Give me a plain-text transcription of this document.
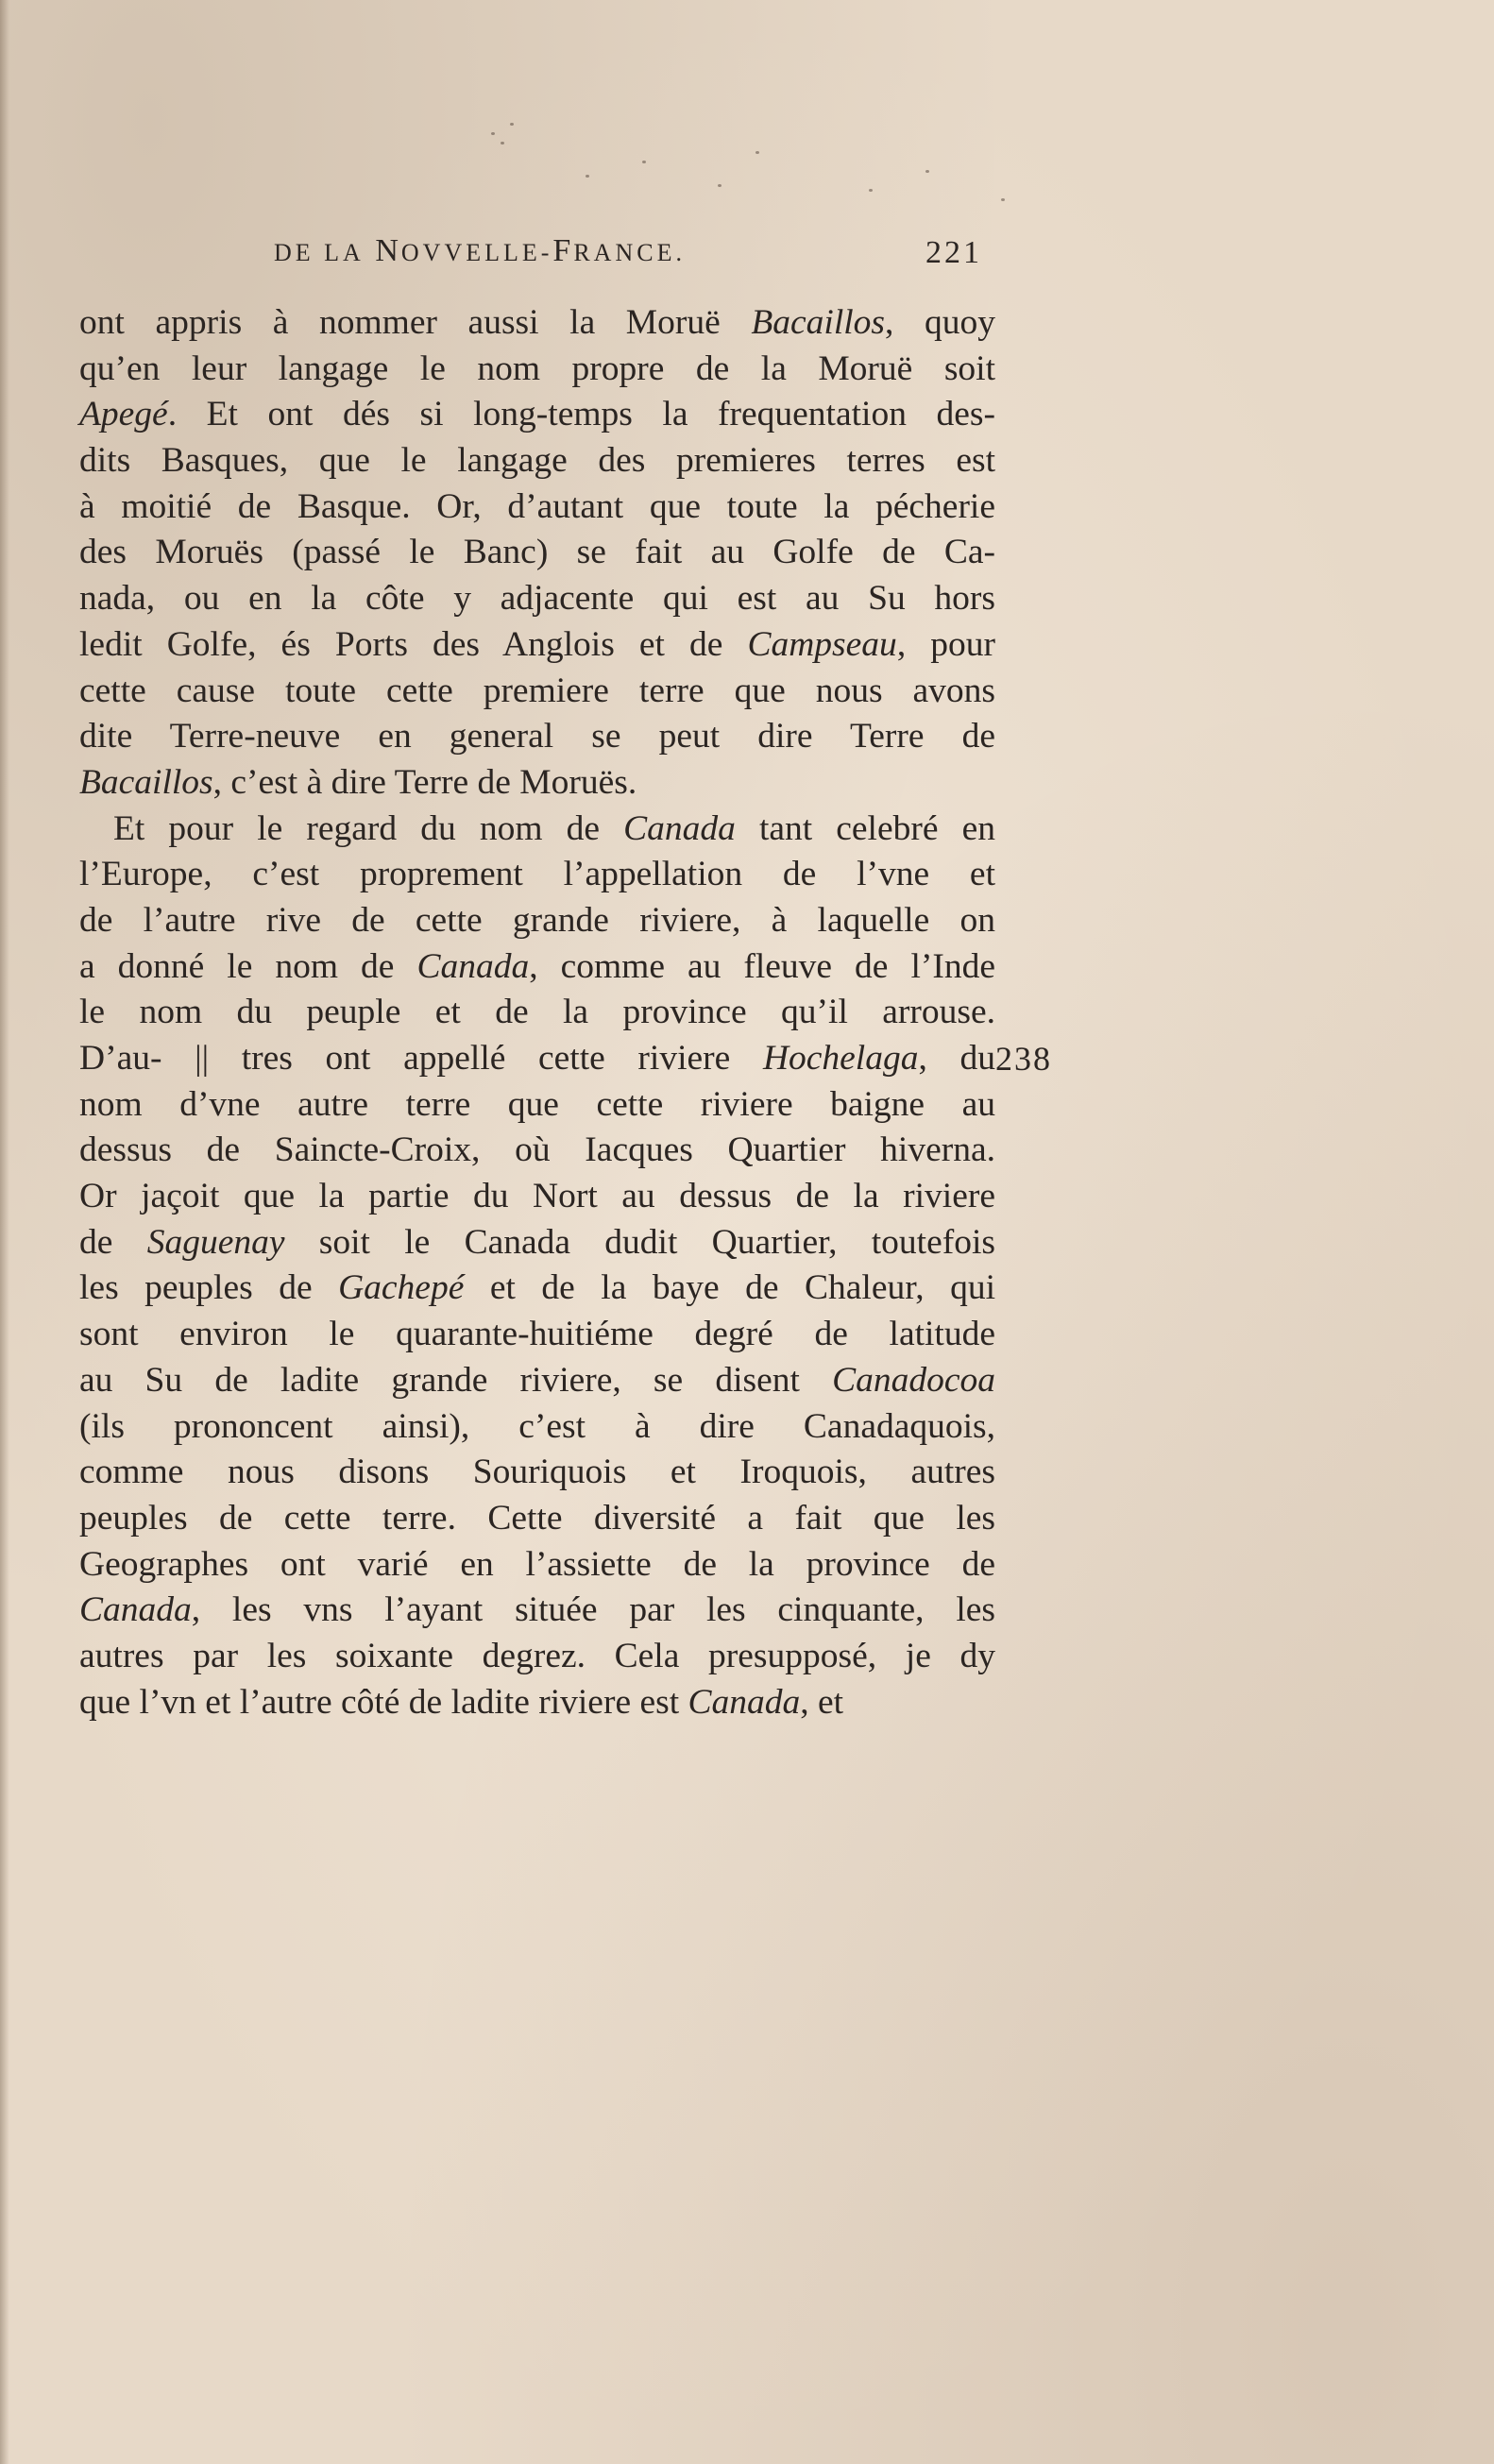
DE LA NOVVELLE-FRANCE.	221
ont appris à nommer aussi la Moruë Bacaillos, quoy
qu’en leur langage le nom propre de la Moruë soit
Apegé. Et ont dés si long-temps la frequentation des-
dits Basques, que le langage des premieres terres est
à moitié de Basque. Or, d’autant que toute la pécherie
des Moruës (passé le Banc) se fait au Golfe de Ca-
nada, ou en la côte y adjacente qui est au Su hors
ledit Golfe, és Ports des Anglois et de Campseau, pour
cette cause toute cette premiere terre que nous avons
dite Terre-neuve en general se peut dire Terre de
Bacaillos, c’est à dire Terre de Moruës.
Et pour le regard du nom de Canada tant celebré en
l’Europe, c’est proprement l’appellation de l’vne et
de l’autre rive de cette grande riviere, à laquelle on
a donné le nom de Canada, comme au fleuve de l’Inde
le nom du peuple et de la province qu’il arrouse.
D’au- || tres ont appellé cette riviere Hochelaga, du
nom d’vne autre terre que cette riviere baigne au
dessus de Saincte-Croix, où Iacques Quartier hiverna.
Or jaçoit que la partie du Nort au dessus de la riviere
de Saguenay soit le Canada dudit Quartier, toutefois
les peuples de Gachepé et de la baye de Chaleur, qui
sont environ le quarante-huitiéme degré de latitude
au Su de ladite grande riviere, se disent Canadocoa
(ils prononcent ainsi), c’est à dire Canadaquois,
comme nous disons Souriquois et Iroquois, autres
peuples de cette terre. Cette diversité a fait que les
Geographes ont varié en l’assiette de la province de
Canada, les vns l’ayant située par les cinquante, les
autres par les soixante degrez. Cela presupposé, je dy
que l’vn et l’autre côté de ladite riviere est Canada, et
238
